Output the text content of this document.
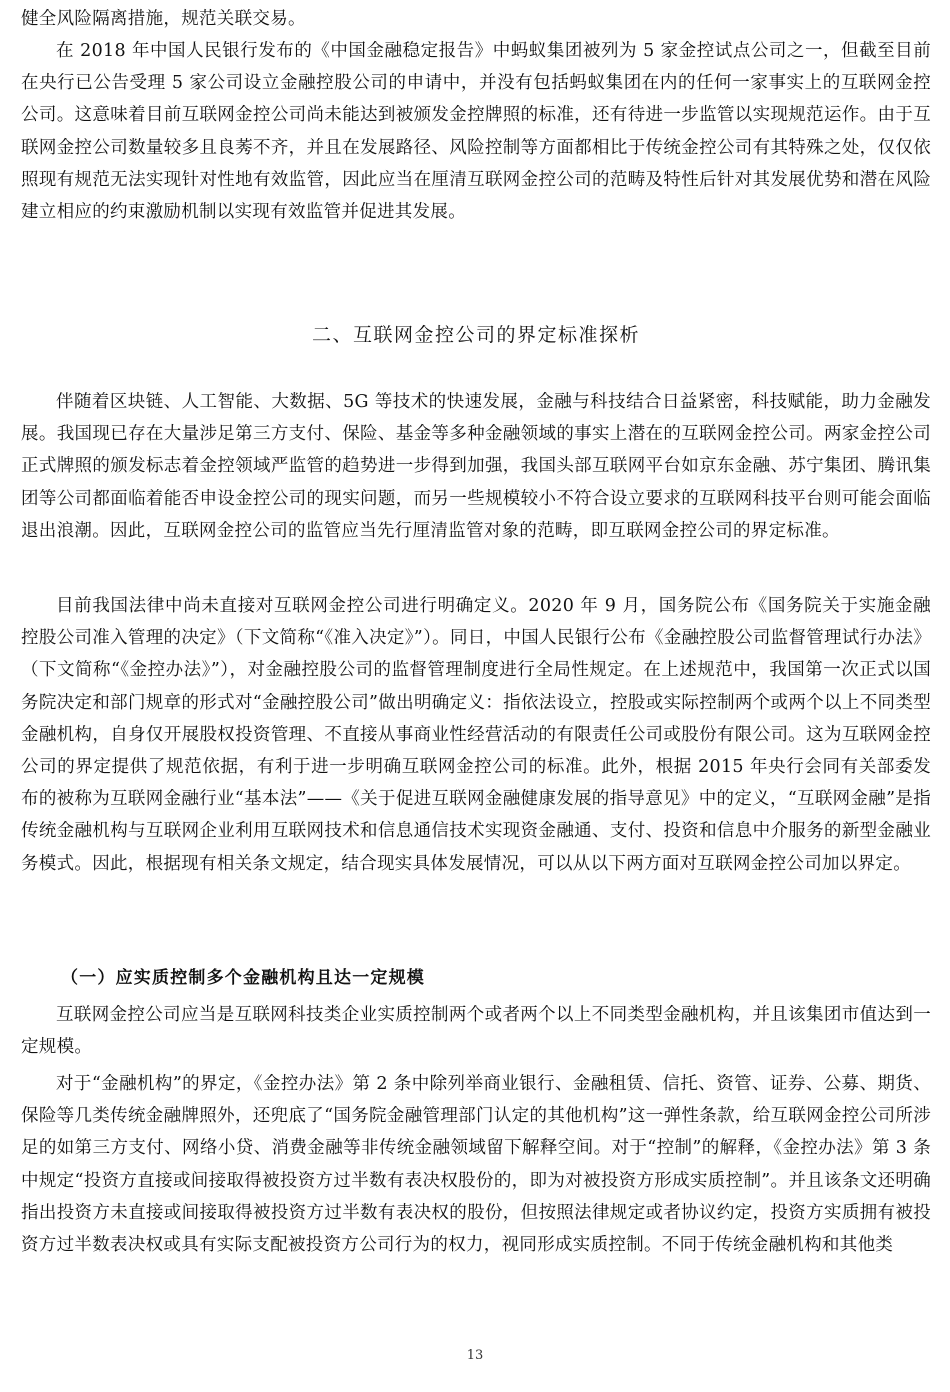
健全风险隔离措施，规范关联交易。

在 2018 年中国人民银行发布的《中国金融稳定报告》中蚂蚁集团被列为 5 家金控试点公司之一，但截至目前在央行已公告受理 5 家公司设立金融控股公司的申请中，并没有包括蚂蚁集团在内的任何一家事实上的互联网金控公司。这意味着目前互联网金控公司尚未能达到被颁发金控牌照的标准，还有待进一步监管以实现规范运作。由于互联网金控公司数量较多且良莠不齐，并且在发展路径、风险控制等方面都相比于传统金控公司有其特殊之处，仅仅依照现有规范无法实现针对性地有效监管，因此应当在厘清互联网金控公司的范畴及特性后针对其发展优势和潜在风险建立相应的约束激励机制以实现有效监管并促进其发展。

二、互联网金控公司的界定标准探析

伴随着区块链、人工智能、大数据、5G 等技术的快速发展，金融与科技结合日益紧密，科技赋能，助力金融发展。我国现已存在大量涉足第三方支付、保险、基金等多种金融领域的事实上潜在的互联网金控公司。两家金控公司正式牌照的颁发标志着金控领域严监管的趋势进一步得到加强，我国头部互联网平台如京东金融、苏宁集团、腾讯集团等公司都面临着能否申设金控公司的现实问题，而另一些规模较小不符合设立要求的互联网科技平台则可能会面临退出浪潮。因此，互联网金控公司的监管应当先行厘清监管对象的范畴，即互联网金控公司的界定标准。

目前我国法律中尚未直接对互联网金控公司进行明确定义。2020 年 9 月，国务院公布《国务院关于实施金融控股公司准入管理的决定》（下文简称“《准入决定》”）。同日，中国人民银行公布《金融控股公司监督管理试行办法》（下文简称“《金控办法》”），对金融控股公司的监督管理制度进行全局性规定。在上述规范中，我国第一次正式以国务院决定和部门规章的形式对“金融控股公司”做出明确定义：指依法设立，控股或实际控制两个或两个以上不同类型金融机构，自身仅开展股权投资管理、不直接从事商业性经营活动的有限责任公司或股份有限公司。这为互联网金控公司的界定提供了规范依据，有利于进一步明确互联网金控公司的标准。此外，根据 2015 年央行会同有关部委发布的被称为互联网金融行业“基本法”——《关于促进互联网金融健康发展的指导意见》中的定义，“互联网金融”是指传统金融机构与互联网企业利用互联网技术和信息通信技术实现资金融通、支付、投资和信息中介服务的新型金融业务模式。因此，根据现有相关条文规定，结合现实具体发展情况，可以从以下两方面对互联网金控公司加以界定。

（一）应实质控制多个金融机构且达一定规模

互联网金控公司应当是互联网科技类企业实质控制两个或者两个以上不同类型金融机构，并且该集团市值达到一定规模。

对于“金融机构”的界定，《金控办法》第 2 条中除列举商业银行、金融租赁、信托、资管、证券、公募、期货、保险等几类传统金融牌照外，还兜底了“国务院金融管理部门认定的其他机构”这一弹性条款，给互联网金控公司所涉足的如第三方支付、网络小贷、消费金融等非传统金融领域留下解释空间。对于“控制”的解释，《金控办法》第 3 条中规定“投资方直接或间接取得被投资方过半数有表决权股份的，即为对被投资方形成实质控制”。并且该条文还明确指出投资方未直接或间接取得被投资方过半数有表决权的股份，但按照法律规定或者协议约定，投资方实质拥有被投资方过半数表决权或具有实际支配被投资方公司行为的权力，视同形成实质控制。不同于传统金融机构和其他类

13
